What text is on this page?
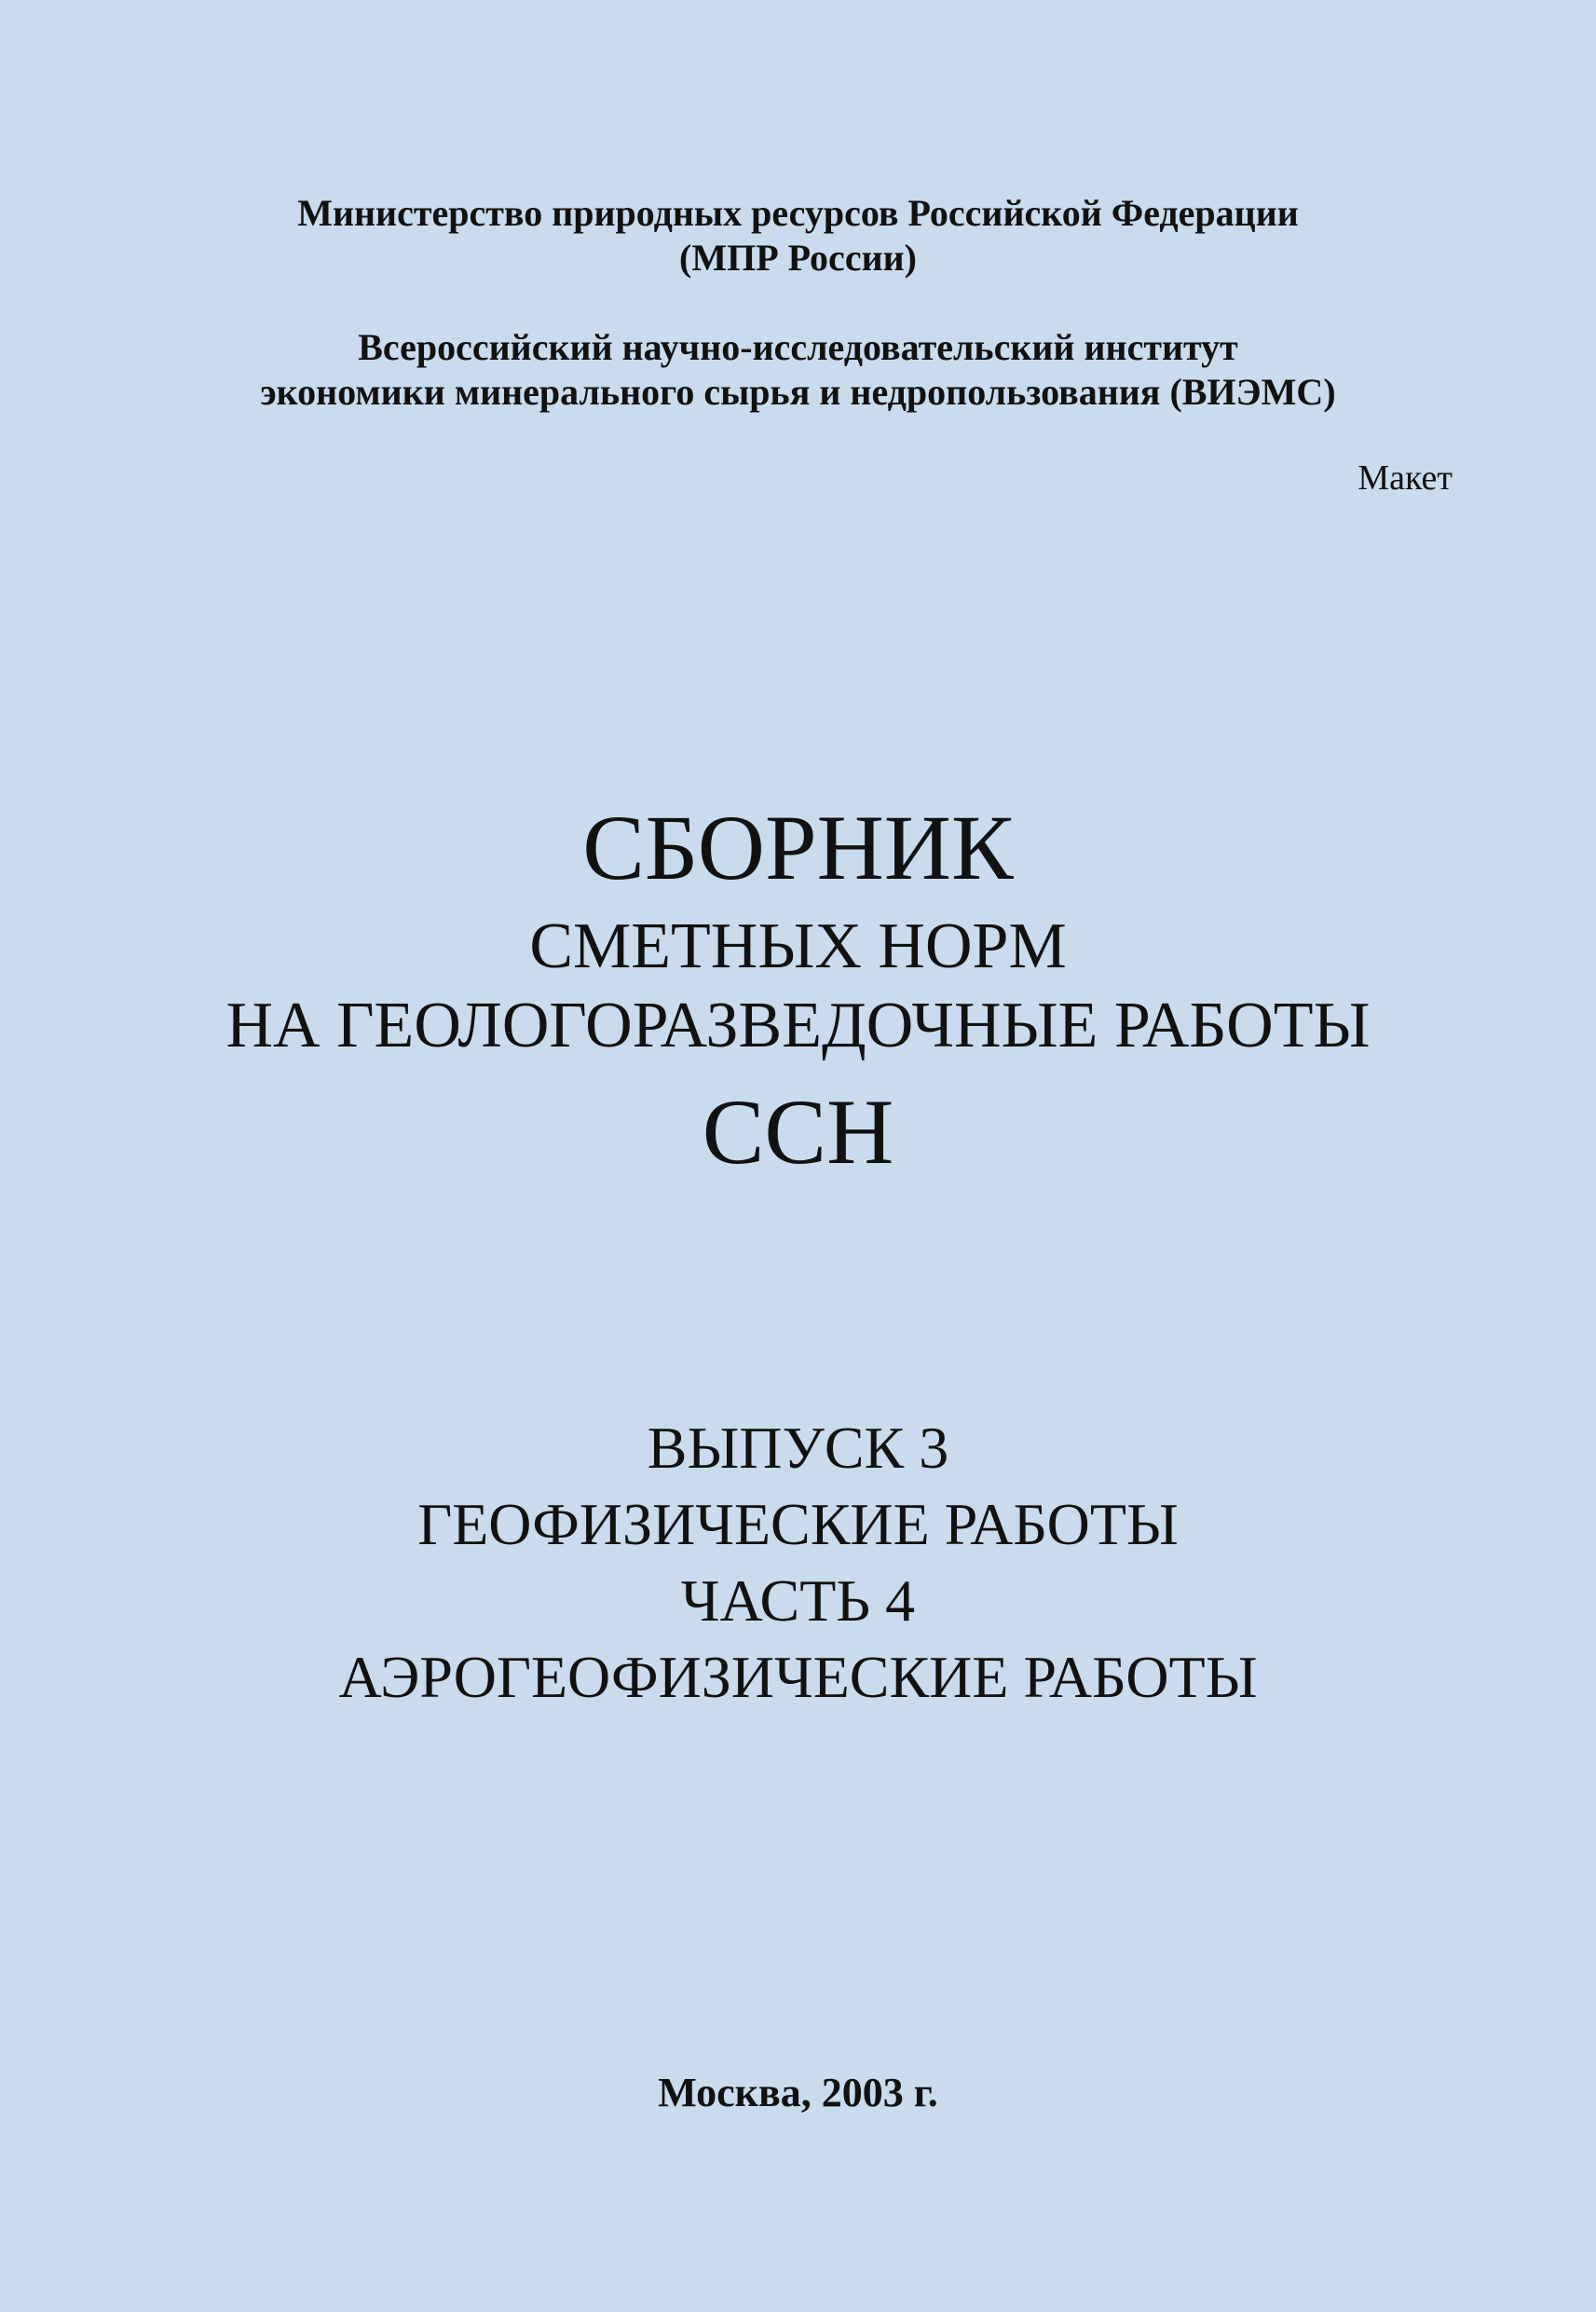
Министерство природных ресурсов Российской Федерации
(МПР России)
Всероссийский научно-исследовательский институт
экономики минерального сырья и недропользования (ВИЭМС)
Макет
СБОРНИК
СМЕТНЫХ НОРМ
НА ГЕОЛОГОРАЗВЕДОЧНЫЕ РАБОТЫ
ССН
ВЫПУСК 3
ГЕОФИЗИЧЕСКИЕ РАБОТЫ
ЧАСТЬ 4
АЭРОГЕОФИЗИЧЕСКИЕ РАБОТЫ
Москва, 2003 г.
